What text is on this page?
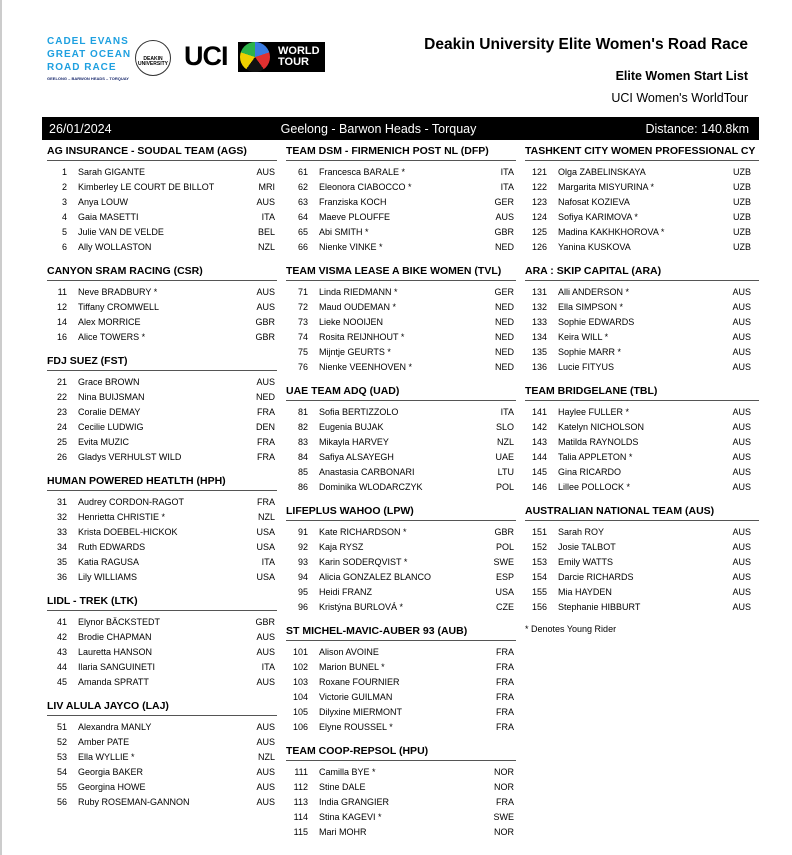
CADEL EVANS
GREAT OCEAN
ROAD RACE
GEELONG – BARWON HEADS – TORQUAY
DEAKIN UNIVERSITY UCI	WORLD
TOUR
Deakin University Elite Women's Road Race
Elite Women Start List
UCI Women's WorldTour
26/01/2024	Geelong - Barwon Heads - Torquay	Distance: 140.8km
AG INSURANCE - SOUDAL TEAM (AGS)
1	Sarah GIGANTE	AUS
2	Kimberley LE COURT DE BILLOT	MRI
3	Anya LOUW	AUS
4	Gaia MASETTI	ITA
5	Julie VAN DE VELDE	BEL
6	Ally WOLLASTON	NZL
CANYON SRAM RACING (CSR)
11	Neve BRADBURY *	AUS
12	Tiffany CROMWELL	AUS
14	Alex MORRICE	GBR
16	Alice TOWERS *	GBR
FDJ SUEZ (FST)
21	Grace BROWN	AUS
22	Nina BUIJSMAN	NED
23	Coralie DEMAY	FRA
24	Cecilie LUDWIG	DEN
25	Evita MUZIC	FRA
26	Gladys VERHULST WILD	FRA
HUMAN POWERED HEATLTH (HPH)
31	Audrey CORDON-RAGOT	FRA
32	Henrietta CHRISTIE *	NZL
33	Krista DOEBEL-HICKOK	USA
34	Ruth EDWARDS	USA
35	Katia RAGUSA	ITA
36	Lily WILLIAMS	USA
LIDL - TREK (LTK)
41	Elynor BÄCKSTEDT	GBR
42	Brodie CHAPMAN	AUS
43	Lauretta HANSON	AUS
44	Ilaria SANGUINETI	ITA
45	Amanda SPRATT	AUS
LIV ALULA JAYCO (LAJ)
51	Alexandra MANLY	AUS
52	Amber PATE	AUS
53	Ella WYLLIE *	NZL
54	Georgia BAKER	AUS
55	Georgina HOWE	AUS
56	Ruby ROSEMAN-GANNON	AUS
TEAM DSM - FIRMENICH POST NL (DFP)
61	Francesca BARALE *	ITA
62	Eleonora CIABOCCO *	ITA
63	Franziska KOCH	GER
64	Maeve PLOUFFE	AUS
65	Abi SMITH *	GBR
66	Nienke VINKE *	NED
TEAM VISMA LEASE A BIKE WOMEN (TVL)
71	Linda RIEDMANN *	GER
72	Maud OUDEMAN *	NED
73	Lieke NOOIJEN	NED
74	Rosita REIJNHOUT *	NED
75	Mijntje GEURTS *	NED
76	Nienke VEENHOVEN *	NED
UAE TEAM ADQ (UAD)
81	Sofia BERTIZZOLO	ITA
82	Eugenia BUJAK	SLO
83	Mikayla HARVEY	NZL
84	Safiya ALSAYEGH	UAE
85	Anastasia CARBONARI	LTU
86	Dominika WLODARCZYK	POL
LIFEPLUS WAHOO (LPW)
91	Kate RICHARDSON *	GBR
92	Kaja RYSZ	POL
93	Karin SODERQVIST *	SWE
94	Alicia GONZALEZ BLANCO	ESP
95	Heidi FRANZ	USA
96	Kristýna BURLOVÁ *	CZE
ST MICHEL-MAVIC-AUBER 93 (AUB)
101	Alison AVOINE	FRA
102	Marion BUNEL *	FRA
103	Roxane FOURNIER	FRA
104	Victorie GUILMAN	FRA
105	Dilyxine MIERMONT	FRA
106	Elyne ROUSSEL *	FRA
TEAM COOP-REPSOL (HPU)
111	Camilla BYE *	NOR
112	Stine DALE	NOR
113	India GRANGIER	FRA
114	Stina KAGEVI *	SWE
115	Mari MOHR	NOR
TASHKENT CITY WOMEN PROFESSIONAL CY
121	Olga ZABELINSKAYA	UZB
122	Margarita MISYURINA *	UZB
123	Nafosat KOZIEVA	UZB
124	Sofiya KARIMOVA *	UZB
125	Madina KAKHKHOROVA *	UZB
126	Yanina KUSKOVA	UZB
ARA : SKIP CAPITAL (ARA)
131	Alli ANDERSON *	AUS
132	Ella SIMPSON *	AUS
133	Sophie EDWARDS	AUS
134	Keira WILL *	AUS
135	Sophie MARR *	AUS
136	Lucie FITYUS	AUS
TEAM BRIDGELANE (TBL)
141	Haylee FULLER *	AUS
142	Katelyn NICHOLSON	AUS
143	Matilda RAYNOLDS	AUS
144	Talia APPLETON *	AUS
145	Gina RICARDO	AUS
146	Lillee POLLOCK *	AUS
AUSTRALIAN NATIONAL TEAM (AUS)
151	Sarah ROY	AUS
152	Josie TALBOT	AUS
153	Emily WATTS	AUS
154	Darcie RICHARDS	AUS
155	Mia HAYDEN	AUS
156	Stephanie HIBBURT	AUS
* Denotes Young Rider
